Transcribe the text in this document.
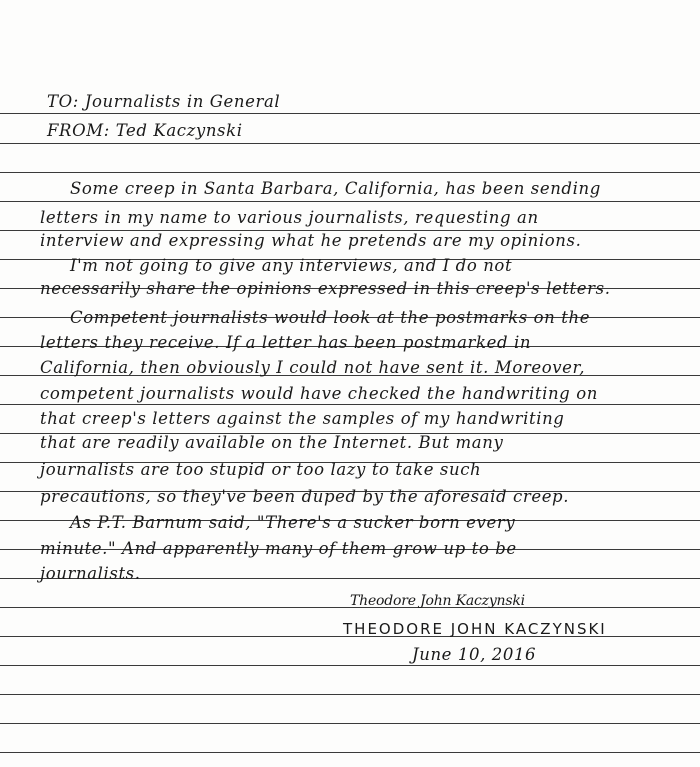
TO: Journalists in General
FROM: Ted Kaczynski
Some creep in Santa Barbara, California, has been sending
letters in my name to various journalists, requesting an
interview and expressing what he pretends are my opinions.
I'm not going to give any interviews, and I do not
necessarily share the opinions expressed in this creep's letters.
Competent journalists would look at the postmarks on the
letters they receive. If a letter has been postmarked in
California, then obviously I could not have sent it. Moreover,
competent journalists would have checked the handwriting on
that creep's letters against the samples of my handwriting
that are readily available on the Internet. But many
journalists are too stupid or too lazy to take such
precautions, so they've been duped by the aforesaid creep.
As P.T. Barnum said, "There's a sucker born every
minute." And apparently many of them grow up to be
journalists.
Theodore John Kaczynski
THEODORE JOHN KACZYNSKI
June 10, 2016
